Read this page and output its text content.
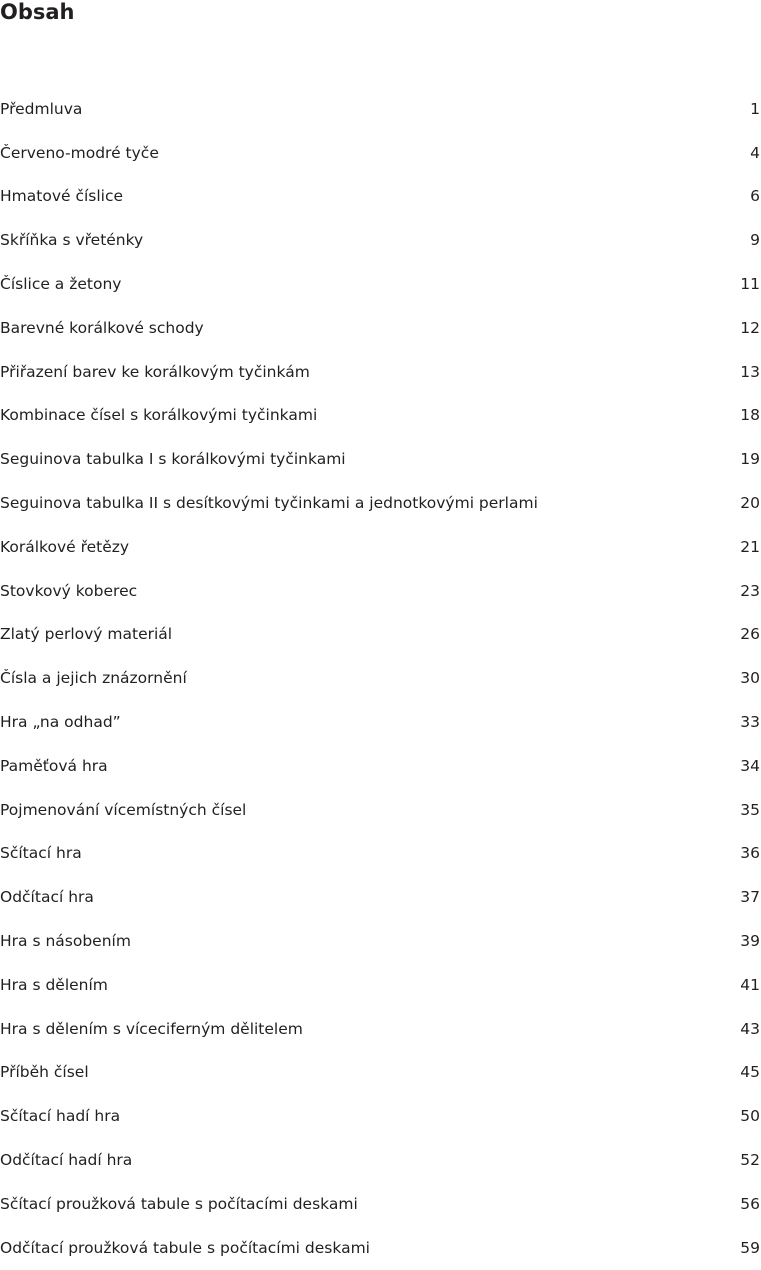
Obsah
Předmluva	1
Červeno-modré tyče	4
Hmatové číslice	6
Skříňka s vřeténky	9
Číslice a žetony	11
Barevné korálkové schody	12
Přiřazení barev ke korálkovým tyčinkám	13
Kombinace čísel s korálkovými tyčinkami	18
Seguinova tabulka I s korálkovými tyčinkami	19
Seguinova tabulka II s desítkovými tyčinkami a jednotkovými perlami	20
Korálkové řetězy	21
Stovkový koberec	23
Zlatý perlový materiál	26
Čísla a jejich znázornění	30
Hra „na odhad”	33
Paměťová hra	34
Pojmenování vícemístných čísel	35
Sčítací hra	36
Odčítací hra	37
Hra s násobením	39
Hra s dělením	41
Hra s dělením s víceciferným dělitelem	43
Příběh čísel	45
Sčítací hadí hra	50
Odčítací hadí hra	52
Sčítací proužková tabule s počítacími deskami	56
Odčítací proužková tabule s počítacími deskami	59
